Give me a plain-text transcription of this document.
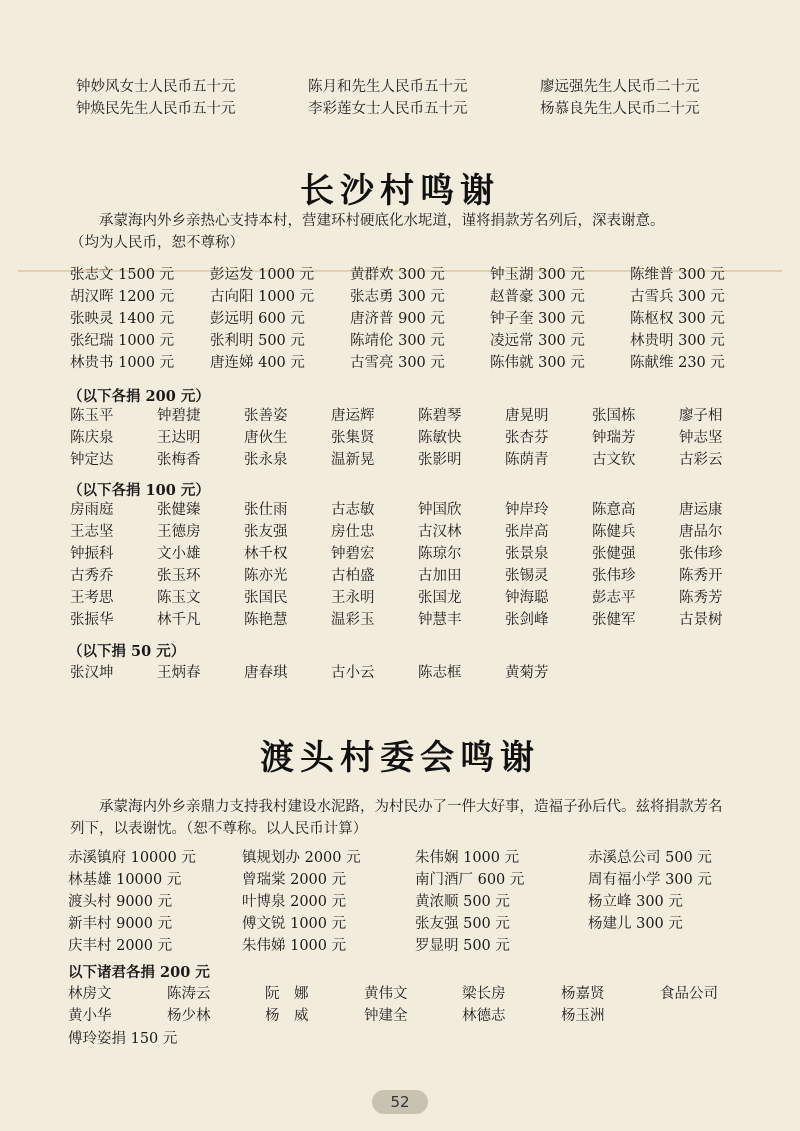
钟妙风女士人民币五十元	陈月和先生人民币五十元	廖远强先生人民币二十元
钟焕民先生人民币五十元	李彩莲女士人民币五十元	杨慕良先生人民币二十元
长沙村鸣谢
承蒙海内外乡亲热心支持本村，营建环村硬底化水坭道，谨将捐款芳名列后，深表谢意。
（均为人民币，恕不尊称）
张志文 1500 元 彭运发 1000 元 黄群欢 300 元	钟玉湖 300 元	陈维普 300 元
胡汉晖 1200 元 古向阳 1000 元 张志勇 300 元	赵普豪 300 元	古雪兵 300 元
张映灵 1400 元 彭远明 600 元	唐济普 900 元	钟子奎 300 元	陈枢权 300 元
张纪瑞 1000 元 张利明 500 元	陈靖伦 300 元	凌远常 300 元	林贵明 300 元
林贵书 1000 元 唐连娣 400 元	古雪亮 300 元	陈伟就 300 元	陈献维 230 元
（以下各捐 200 元）
陈玉平	钟碧捷	张善姿	唐运辉	陈碧琴	唐晃明	张国栋	廖子相
陈庆泉	王达明	唐伙生	张集贤	陈敏快	张杏芬	钟瑞芳	钟志坚
钟定达	张梅香	张永泉	温新晃	张影明	陈荫青	古文钦	古彩云
（以下各捐 100 元）
房雨庭	张健臻	张仕雨	古志敏	钟国欣	钟岸玲	陈意高	唐运康
王志坚	王德房	张友强	房仕忠	古汉林	张岸高	陈健兵	唐品尔
钟振科	文小雄	林千权	钟碧宏	陈琼尔	张景泉	张健强	张伟珍
古秀乔	张玉环	陈亦光	古柏盛	古加田	张锡灵	张伟珍	陈秀开
王考思	陈玉文	张国民	王永明	张国龙	钟海聪	彭志平	陈秀芳
张振华	林千凡	陈艳慧	温彩玉	钟慧丰	张剑峰	张健军	古景树
（以下捐 50 元）
张汉坤	王炳春	唐春琪	古小云	陈志框	黄菊芳
渡头村委会鸣谢
承蒙海内外乡亲鼎力支持我村建设水泥路，为村民办了一件大好事，造福子孙后代。兹将捐款芳名列下，以表谢忱。（恕不尊称。以人民币计算）
赤溪镇府 10000 元	镇规划办 2000 元	朱伟娴 1000 元	赤溪总公司 500 元
林基雄 10000 元	曾瑞棠 2000 元	南门酒厂 600 元	周有福小学 300 元
渡头村 9000 元	叶博泉 2000 元	黄浓顺 500 元	杨立峰 300 元
新丰村 9000 元	傅文锐 1000 元	张友强 500 元	杨建儿 300 元
庆丰村 2000 元	朱伟娣 1000 元	罗显明 500 元
以下诸君各捐 200 元
林房文	陈涛云	阮　娜	黄伟文	梁长房	杨嘉贤	食品公司
黄小华	杨少林	杨　威	钟建全	林德志	杨玉洲
傅玲姿捐 150 元
52
